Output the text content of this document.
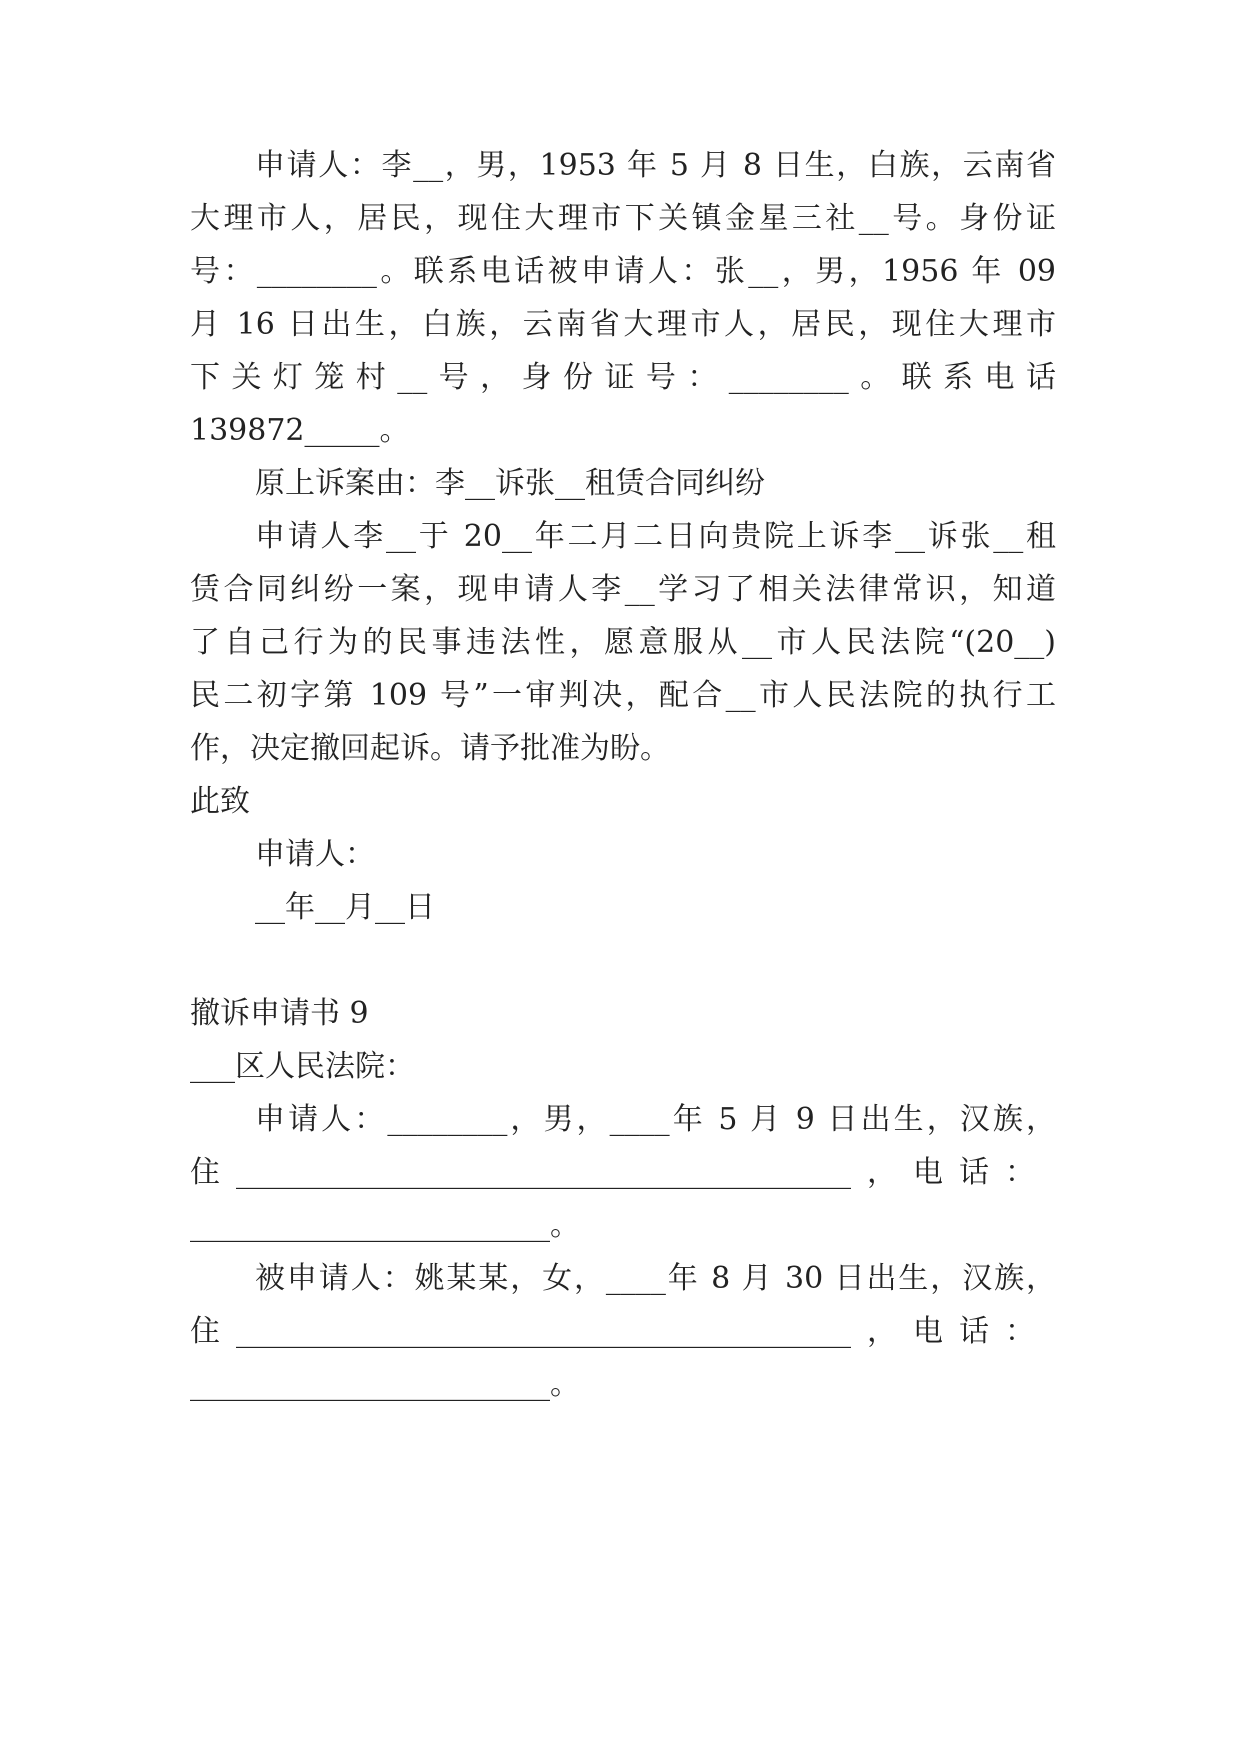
申请人：李__，男，1953 年 5 月 8 日生，白族，云南省
大理市人，居民，现住大理市下关镇金星三社__号。身份证
号：________。联系电话被申请人：张__，男，1956 年 09
月 16 日出生，白族，云南省大理市人，居民，现住大理市
下关灯笼村__号，身份证号：________。联系电话
139872_____。
原上诉案由：李__诉张__租赁合同纠纷
申请人李__于 20__年二月二日向贵院上诉李__诉张__租
赁合同纠纷一案，现申请人李__学习了相关法律常识，知道
了自己行为的民事违法性，愿意服从__市人民法院“(20__)
民二初字第 109 号”一审判决，配合__市人民法院的执行工
作，决定撤回起诉。请予批准为盼。
此致
申请人：
__年__月__日
撤诉申请书 9
___区人民法院：
申请人：________，男，____年 5 月 9 日出生，汉族，
住_________________________________________，电话：
________________________。
被申请人：姚某某，女，____年 8 月 30 日出生，汉族，
住_________________________________________，电话：
________________________。
